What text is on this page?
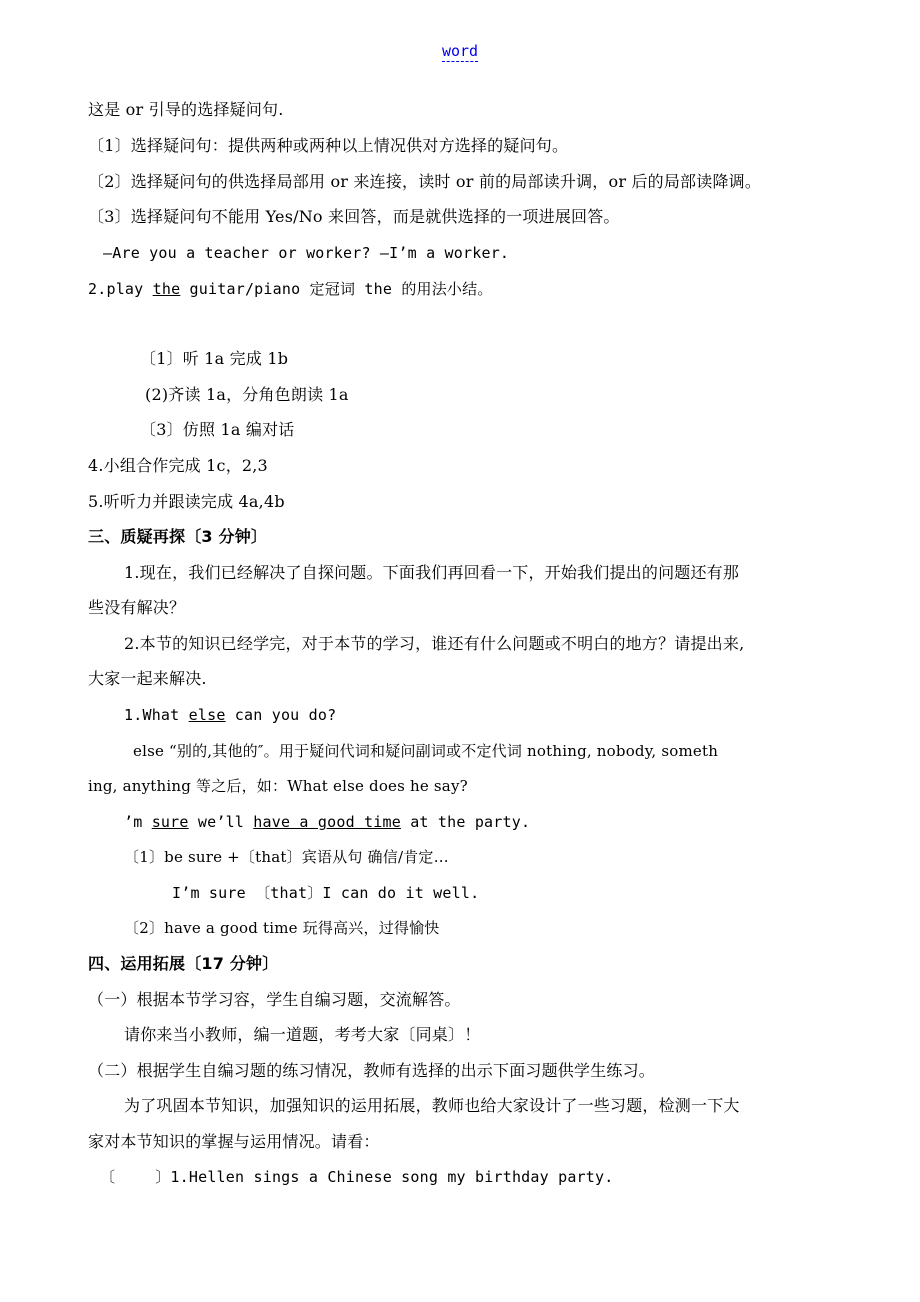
word
这是 or 引导的选择疑问句.
〔1〕选择疑问句：提供两种或两种以上情况供对方选择的疑问句。
〔2〕选择疑问句的供选择局部用 or 来连接，读时 or 前的局部读升调，or 后的局部读降调。
〔3〕选择疑问句不能用 Yes/No 来回答，而是就供选择的一项进展回答。
—Are you a teacher or worker? —I’m a worker.
2.play the guitar/piano 定冠词 the 的用法小结。
〔1〕听 1a 完成 1b
(2)齐读 1a，分角色朗读 1a
〔3〕仿照 1a 编对话
4.小组合作完成 1c，2,3
5.听听力并跟读完成 4a,4b
三、质疑再探〔3 分钟〕
1.现在，我们已经解决了自探问题。下面我们再回看一下，开始我们提出的问题还有那
些没有解决？
2.本节的知识已经学完，对于本节的学习，谁还有什么问题或不明白的地方？请提出来,
大家一起来解决.
1.What else can you do?
else “别的,其他的″。用于疑问代词和疑问副词或不定代词 nothing, nobody, someth
ing, anything 等之后，如：What else does he say?
’m sure we’ll have a good time at the party.
〔1〕be sure +〔that〕宾语从句 确信/肯定…
I’m sure 〔that〕I can do it well.
〔2〕have a good time 玩得高兴，过得愉快
四、运用拓展〔17 分钟〕
（一）根据本节学习容，学生自编习题，交流解答。
请你来当小教师，编一道题，考考大家〔同桌〕！
（二）根据学生自编习题的练习情况，教师有选择的出示下面习题供学生练习。
为了巩固本节知识，加强知识的运用拓展，教师也给大家设计了一些习题，检测一下大
家对本节知识的掌握与运用情况。请看：
〔	〕1.Hellen sings a Chinese song my birthday party.
